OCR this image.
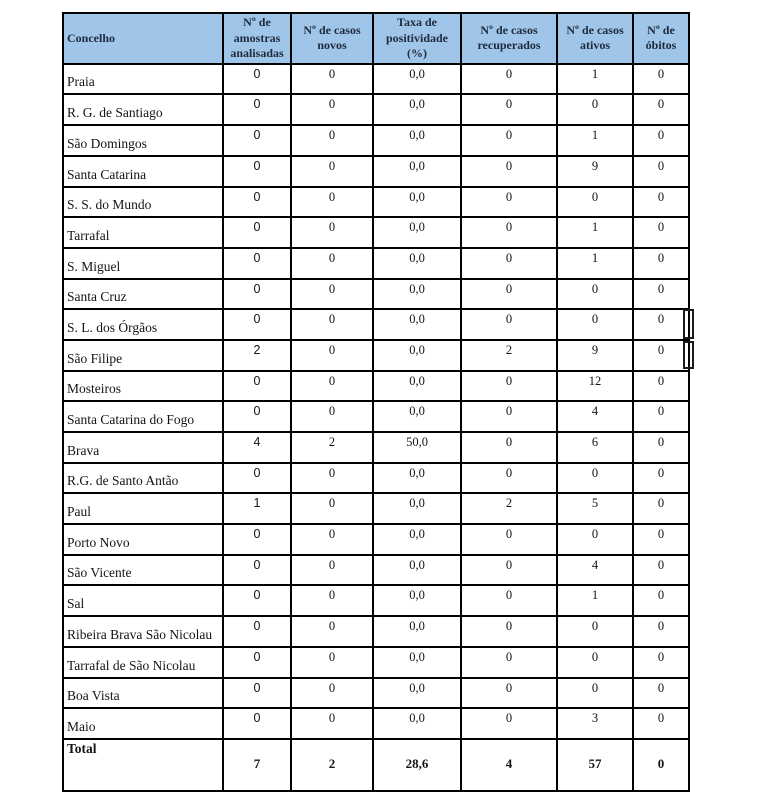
Concelho	Nº de amostras analisadas	Nº de casos novos	Taxa de positividade (%)	Nº de casos recuperados	Nº de casos ativos	Nº de óbitos
Praia	0	0	0,0	0	1	0
R. G. de Santiago	0	0	0,0	0	0	0
São Domingos	0	0	0,0	0	1	0
Santa Catarina	0	0	0,0	0	9	0
S. S. do Mundo	0	0	0,0	0	0	0
Tarrafal	0	0	0,0	0	1	0
S. Miguel	0	0	0,0	0	1	0
Santa Cruz	0	0	0,0	0	0	0
S. L. dos Órgãos	0	0	0,0	0	0	0
São Filipe	2	0	0,0	2	9	0
Mosteiros	0	0	0,0	0	12	0
Santa Catarina do Fogo	0	0	0,0	0	4	0
Brava	4	2	50,0	0	6	0
R.G. de Santo Antão	0	0	0,0	0	0	0
Paul	1	0	0,0	2	5	0
Porto Novo	0	0	0,0	0	0	0
São Vicente	0	0	0,0	0	4	0
Sal	0	0	0,0	0	1	0
Ribeira Brava São Nicolau	0	0	0,0	0	0	0
Tarrafal de São Nicolau	0	0	0,0	0	0	0
Boa Vista	0	0	0,0	0	0	0
Maio	0	0	0,0	0	3	0
Total	7	2	28,6	4	57	0
